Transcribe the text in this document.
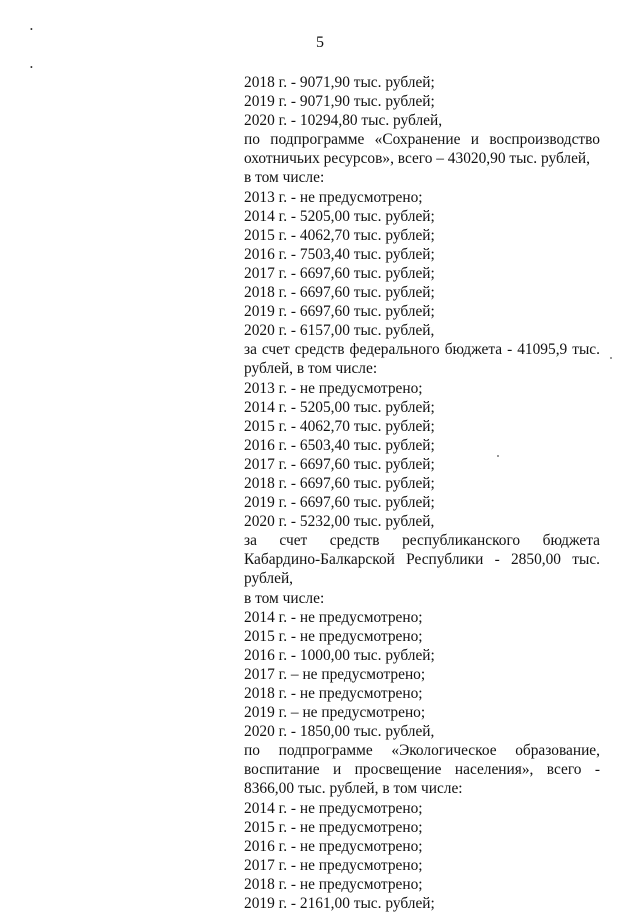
5
•
•
2018 г. - 9071,90 тыс. рублей;
2019 г. - 9071,90 тыс. рублей;
2020 г. - 10294,80 тыс. рублей,
по подпрограмме «Сохранение и воспроизводство
охотничьих ресурсов», всего – 43020,90 тыс. рублей,
в том числе:
2013 г. - не предусмотрено;
2014 г. - 5205,00 тыс. рублей;
2015 г. - 4062,70 тыс. рублей;
2016 г. - 7503,40 тыс. рублей;
2017 г. - 6697,60 тыс. рублей;
2018 г. - 6697,60 тыс. рублей;
2019 г. - 6697,60 тыс. рублей;
2020 г. - 6157,00 тыс. рублей,
за счет средств федерального бюджета - 41095,9 тыс.
рублей, в том числе:
2013 г. - не предусмотрено;
2014 г. - 5205,00 тыс. рублей;
2015 г. - 4062,70 тыс. рублей;
2016 г. - 6503,40 тыс. рублей;
2017 г. - 6697,60 тыс. рублей;
2018 г. - 6697,60 тыс. рублей;
2019 г. - 6697,60 тыс. рублей;
2020 г. - 5232,00 тыс. рублей,
за счет средств республиканского бюджета
Кабардино-Балкарской Республики - 2850,00 тыс.
рублей,
в том числе:
2014 г. - не предусмотрено;
2015 г. - не предусмотрено;
2016 г. - 1000,00 тыс. рублей;
2017 г. – не предусмотрено;
2018 г. - не предусмотрено;
2019 г. – не предусмотрено;
2020 г. - 1850,00 тыс. рублей,
по подпрограмме «Экологическое образование,
воспитание и просвещение населения», всего -
8366,00 тыс. рублей, в том числе:
2014 г. - не предусмотрено;
2015 г. - не предусмотрено;
2016 г. - не предусмотрено;
2017 г. - не предусмотрено;
2018 г. - не предусмотрено;
2019 г. - 2161,00 тыс. рублей;
